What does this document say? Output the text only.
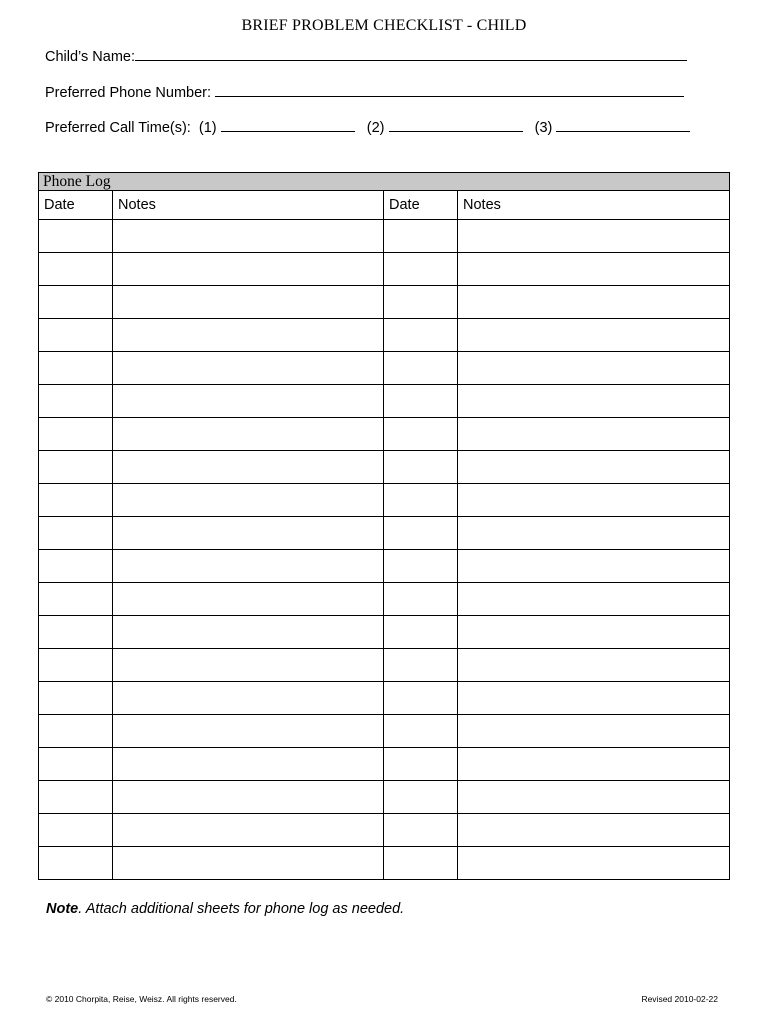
BRIEF PROBLEM CHECKLIST - CHILD
Child’s Name:
Preferred Phone Number:
Preferred Call Time(s): (1)	(2)	(3)
Phone Log			
Date	Notes	Date	Notes

Note. Attach additional sheets for phone log as needed.
© 2010 Chorpita, Reise, Weisz. All rights reserved.	Revised 2010-02-22
